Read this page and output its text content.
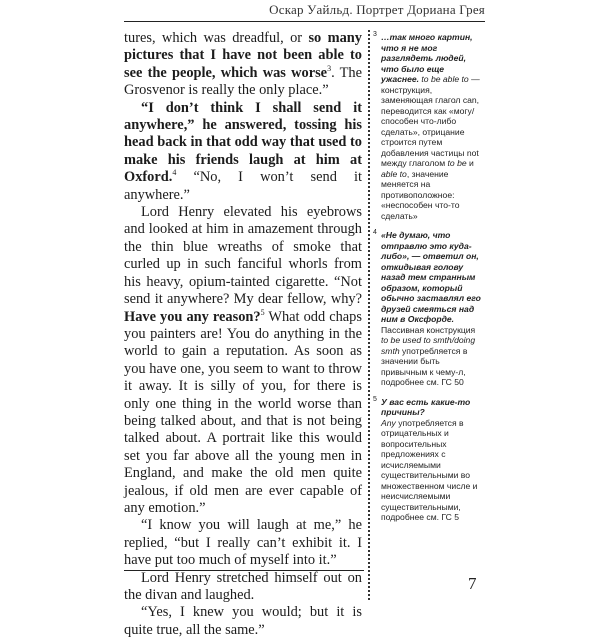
Оскар Уайльд. Портрет Дориана Грея

tures, which was dreadful, or so many pictures that I have not been able to see the people, which was worse$^3$. The Grosvenor is really the only place.”

“I don’t think I shall send it anywhere,” he answered, tossing his head back in that odd way that used to make his friends laugh at him at Oxford.$^4$ “No, I won’t send it anywhere.”

Lord Henry elevated his eyebrows and looked at him in amazement through the thin blue wreaths of smoke that curled up in such fanciful whorls from his heavy, opium-tainted cigarette. “Not send it anywhere? My dear fellow, why? Have you any reason?$^5$ What odd chaps you painters are! You do anything in the world to gain a reputation. As soon as you have one, you seem to want to throw it away. It is silly of you, for there is only one thing in the world worse than being talked about, and that is not being talked about. A portrait like this would set you far above all the young men in England, and make the old men quite jealous, if old men are ever capable of any emotion.”

“I know you will laugh at me,” he replied, “but I really can’t exhibit it. I have put too much of myself into it.”

Lord Henry stretched himself out on the divan and laughed.

“Yes, I knew you would; but it is quite true, all the same.”

3 …так много картин, что я не мог разглядеть людей, что было еще ужаснее. to be able to — конструкция, заменяющая глагол can, переводится как «могу/способен что-либо сделать», отрицание строится путем добавления частицы not между глаголом to be и able to, значение меняется на противоположное: «неспособен что-то сделать»
4 «Не думаю, что отправлю это куда-либо», — ответил он, откидывая голову назад тем странным образом, который обычно заставлял его друзей смеяться над ним в Оксфорде. Пассивная конструкция to be used to smth/doing smth употребляется в значении быть привычным к чему-л, подробнее см. ГС 50
5 У вас есть какие-то причины?
Any употребляется в отрицательных и вопросительных предложениях с исчисляемыми существительными во множественном числе и неисчисляемыми существительными, подробнее см. ГС 5
7
